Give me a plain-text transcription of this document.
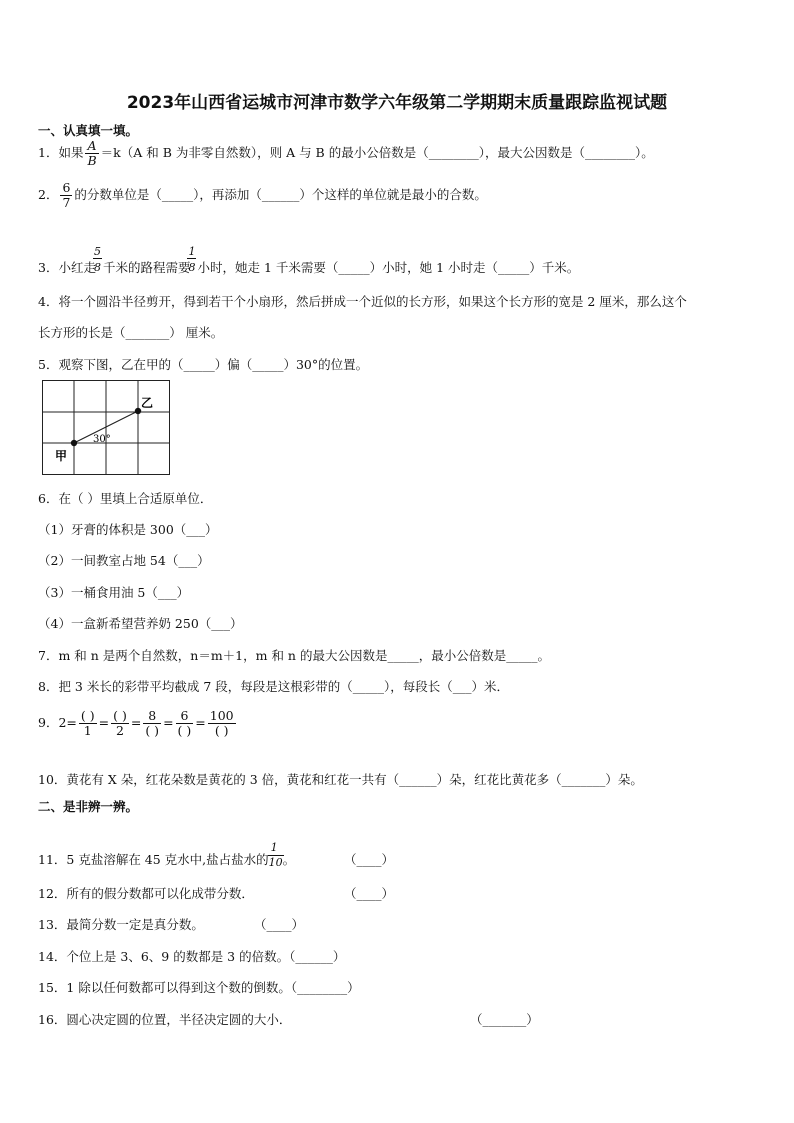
2023年山西省运城市河津市数学六年级第二学期期末质量跟踪监视试题
一、认真填一填。
1．如果 $\frac{A}{B} =k(A$ 和 B 为非零自然数），则 A 与 B 的最小公倍数是（________），最大公因数是（________）。
2． $\frac{6}{7}$ 的分数单位是（_____），再添加（______）个这样的单位就是最小的合数。
3．小红走
$\frac{5}{8}$
千米的路程需要
$\frac{1}{8}$
小时，她走 1 千米需要（_____）小时，她 1 小时走（_____）千米。
4．将一个圆沿半径剪开，得到若干个小扇形，然后拼成一个近似的长方形，如果这个长方形的宽是 2 厘米，那么这个
长方形的长是（_______） 厘米。
5．观察下图，乙在甲的（_____）偏（_____）30°的位置。
甲
乙
30°
6．在（ ）里填上合适原单位．
（1）牙膏的体积是 300（___）
（2）一间教室占地 54（___）
（3）一桶食用油 5（___）
（4）一盒新希望营养奶 250（___）
7．m 和 n 是两个自然数，n＝m＋1，m 和 n 的最大公因数是_____，最小公倍数是_____。
8．把 3 米长的彩带平均截成 7 段，每段是这根彩带的（_____），每段长（___）米．
9．$2= \frac{( )}{1} = \frac{( )}{2} = \frac{8}{( )} = \frac{6}{( )} = \frac{100}{( )}$
10．黄花有 X 朵，红花朵数是黄花的 3 倍，黄花和红花一共有（______）朵，红花比黄花多（_______）朵。
二、是非辨一辨。
11．5 克盐溶解在 45 克水中,盐占盐水的
$\frac{1}{10}$
。	（____）
12．所有的假分数都可以化成带分数．	（____）
13．最简分数一定是真分数。	（____）
14．个位上是 3、6、9 的数都是 3 的倍数。（______）
15．1 除以任何数都可以得到这个数的倒数。（________）
16．圆心决定圆的位置，半径决定圆的大小．	（_______）
